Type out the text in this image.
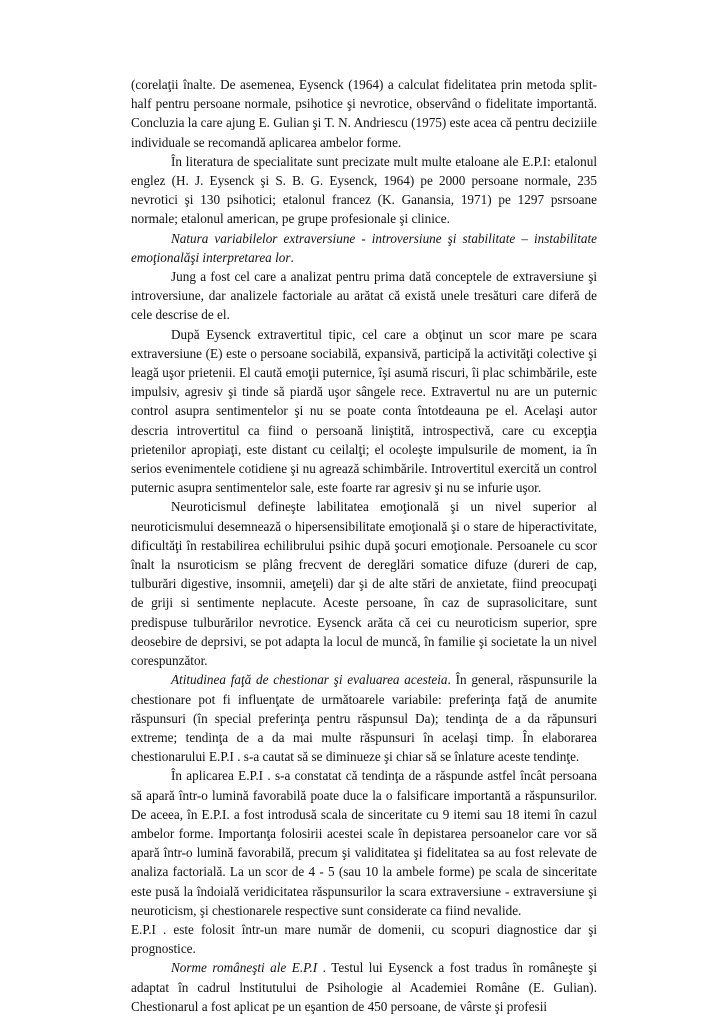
(corelaţii înalte. De asemenea, Eysenck (1964) a calculat fidelitatea prin metoda split-half pentru persoane normale, psihotice şi nevrotice, observând o fidelitate importantă. Concluzia la care ajung E. Gulian şi T. N. Andriescu (1975) este acea că pentru deciziile individuale se recomandă aplicarea ambelor forme.

În literatura de specialitate sunt precizate mult multe etaloane ale E.P.I: etalonul englez (H. J. Eysenck şi S. B. G. Eysenck, 1964) pe 2000 persoane normale, 235 nevrotici şi 130 psihotici; etalonul francez (K. Ganansia, 1971) pe 1297 psrsoane normale; etalonul american, pe grupe profesionale şi clinice.

Natura variabilelor extraversiune - introversiune şi stabilitate – instabilitate emoţionalăşi interpretarea lor.

Jung a fost cel care a analizat pentru prima dată conceptele de extraversiune şi introversiune, dar analizele factoriale au arătat că există unele tresături care diferă de cele descrise de el.

După Eysenck extravertitul tipic, cel care a obţinut un scor mare pe scara extraversiune (E) este o persoane sociabilă, expansivă, participă la activităţi colective şi leagă uşor prietenii. El caută emoţii puternice, îşi asumă riscuri, îi plac schimbările, este impulsiv, agresiv şi tinde să piardă uşor sângele rece. Extravertul nu are un puternic control asupra sentimentelor şi nu se poate conta întotdeauna pe el. Acelaşi autor descria introvertitul ca fiind o persoană liniştită, introspectivă, care cu excepţia prietenilor apropiaţi, este distant cu ceilalţi; el ocoleşte impulsurile de moment, ia în serios evenimentele cotidiene şi nu agrează schimbările. Introvertitul exercită un control puternic asupra sentimentelor sale, este foarte rar agresiv şi nu se infurie uşor.

Neuroticismul defineşte labilitatea emoţională şi un nivel superior al neuroticismului desemnează o hipersensibilitate emoţională şi o stare de hiperactivitate, dificultăţi în restabilirea echilibrului psihic după şocuri emoţionale. Persoanele cu scor înalt la nsuroticism se plâng frecvent de dereglări somatice difuze (dureri de cap, tulburări digestive, insomnii, ameţeli) dar şi de alte stări de anxietate, fiind preocupaţi de griji si sentimente neplacute. Aceste persoane, în caz de suprasolicitare, sunt predispuse tulburărilor nevrotice. Eysenck arăta că cei cu neuroticism superior, spre deosebire de deprsivi, se pot adapta la locul de muncă, în familie şi societate la un nivel corespunzător.

Atitudinea faţă de chestionar şi evaluarea acesteia. În general, răspunsurile la chestionare pot fi influenţate de următoarele variabile: preferinţa faţă de anumite răspunsuri (în special preferinţa pentru răspunsul Da); tendinţa de a da răpunsuri extreme; tendinţa de a da mai multe răspunsuri în acelaşi timp. În elaborarea chestionarului E.P.I . s-a cautat să se diminueze şi chiar să se înlature aceste tendinţe.

În aplicarea E.P.I . s-a constatat că tendinţa de a răspunde astfel încât persoana să apară într-o lumină favorabilă poate duce la o falsificare importantă a răspunsurilor. De aceea, în E.P.I. a fost introdusă scala de sinceritate cu 9 itemi sau 18 itemi în cazul ambelor forme. Importanţa folosirii acestei scale în depistarea persoanelor care vor să apară într-o lumină favorabilă, precum şi validitatea şi fidelitatea sa au fost relevate de analiza factorială. La un scor de 4 - 5 (sau 10 la ambele forme) pe scala de sinceritate este pusă la îndoială veridicitatea răspunsurilor la scara extraversiune - extraversiune şi neuroticism, şi chestionarele respective sunt considerate ca fiind nevalide.

E.P.I . este folosit într-un mare număr de domenii, cu scopuri diagnostice dar şi prognostice.

Norme româneşti ale E.P.I . Testul lui Eysenck a fost tradus în româneşte şi adaptat în cadrul lnstitutului de Psihologie al Academiei Române (E. Gulian). Chestionarul a fost aplicat pe un eşantion de 450 persoane, de vârste şi profesii
